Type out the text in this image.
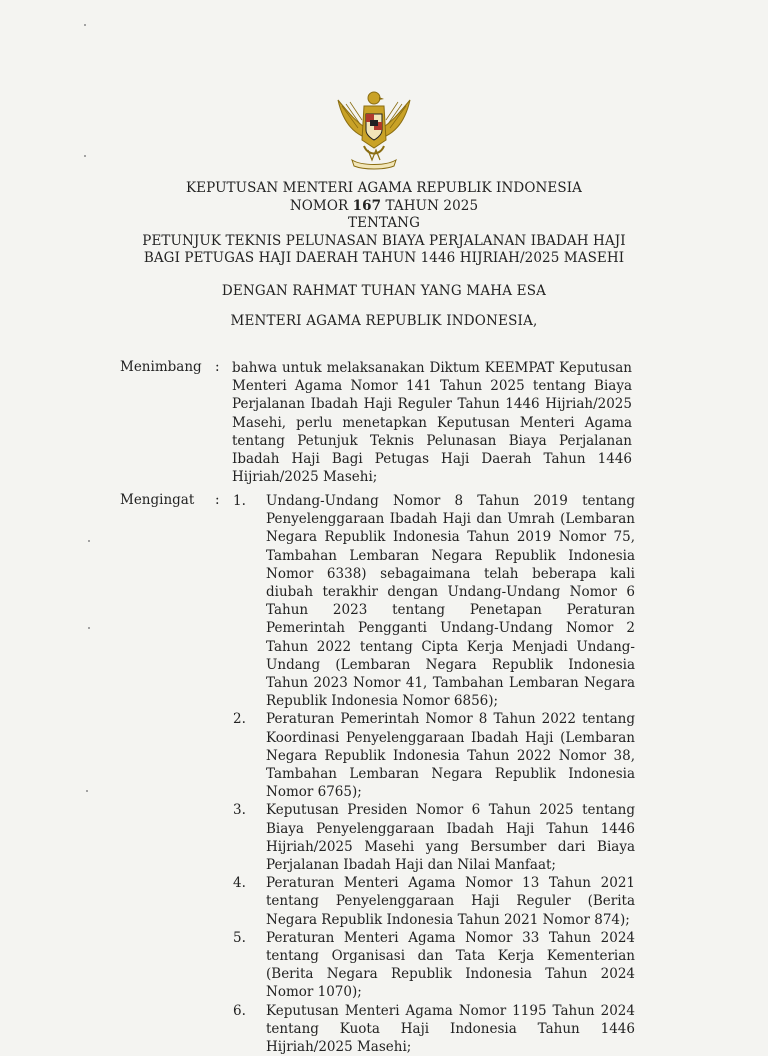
KEPUTUSAN MENTERI AGAMA REPUBLIK INDONESIA
NOMOR 167 TAHUN 2025
TENTANG
PETUNJUK TEKNIS PELUNASAN BIAYA PERJALANAN IBADAH HAJI
BAGI PETUGAS HAJI DAERAH TAHUN 1446 HIJRIAH/2025 MASEHI
DENGAN RAHMAT TUHAN YANG MAHA ESA
MENTERI AGAMA REPUBLIK INDONESIA,
Menimbang : bahwa untuk melaksanakan Diktum KEEMPAT Keputusan Menteri Agama Nomor 141 Tahun 2025 tentang Biaya Perjalanan Ibadah Haji Reguler Tahun 1446 Hijriah/2025 Masehi, perlu menetapkan Keputusan Menteri Agama tentang Petunjuk Teknis Pelunasan Biaya Perjalanan Ibadah Haji Bagi Petugas Haji Daerah Tahun 1446 Hijriah/2025 Masehi;
Mengingat : 1.	Undang-Undang Nomor 8 Tahun 2019 tentang Penyelenggaraan Ibadah Haji dan Umrah (Lembaran Negara Republik Indonesia Tahun 2019 Nomor 75, Tambahan Lembaran Negara Republik Indonesia Nomor 6338) sebagaimana telah beberapa kali diubah terakhir dengan Undang-Undang Nomor 6 Tahun 2023 tentang Penetapan Peraturan Pemerintah Pengganti Undang-Undang Nomor 2 Tahun 2022 tentang Cipta Kerja Menjadi Undang-Undang (Lembaran Negara Republik Indonesia Tahun 2023 Nomor 41, Tambahan Lembaran Negara Republik Indonesia Nomor 6856);
2.	Peraturan Pemerintah Nomor 8 Tahun 2022 tentang Koordinasi Penyelenggaraan Ibadah Haji (Lembaran Negara Republik Indonesia Tahun 2022 Nomor 38, Tambahan Lembaran Negara Republik Indonesia Nomor 6765);
3.	Keputusan Presiden Nomor 6 Tahun 2025 tentang Biaya Penyelenggaraan Ibadah Haji Tahun 1446 Hijriah/2025 Masehi yang Bersumber dari Biaya Perjalanan Ibadah Haji dan Nilai Manfaat;
4.	Peraturan Menteri Agama Nomor 13 Tahun 2021 tentang Penyelenggaraan Haji Reguler (Berita Negara Republik Indonesia Tahun 2021 Nomor 874);
5.	Peraturan Menteri Agama Nomor 33 Tahun 2024 tentang Organisasi dan Tata Kerja Kementerian (Berita Negara Republik Indonesia Tahun 2024 Nomor 1070);
6.	Keputusan Menteri Agama Nomor 1195 Tahun 2024 tentang Kuota Haji Indonesia Tahun 1446 Hijriah/2025 Masehi;
